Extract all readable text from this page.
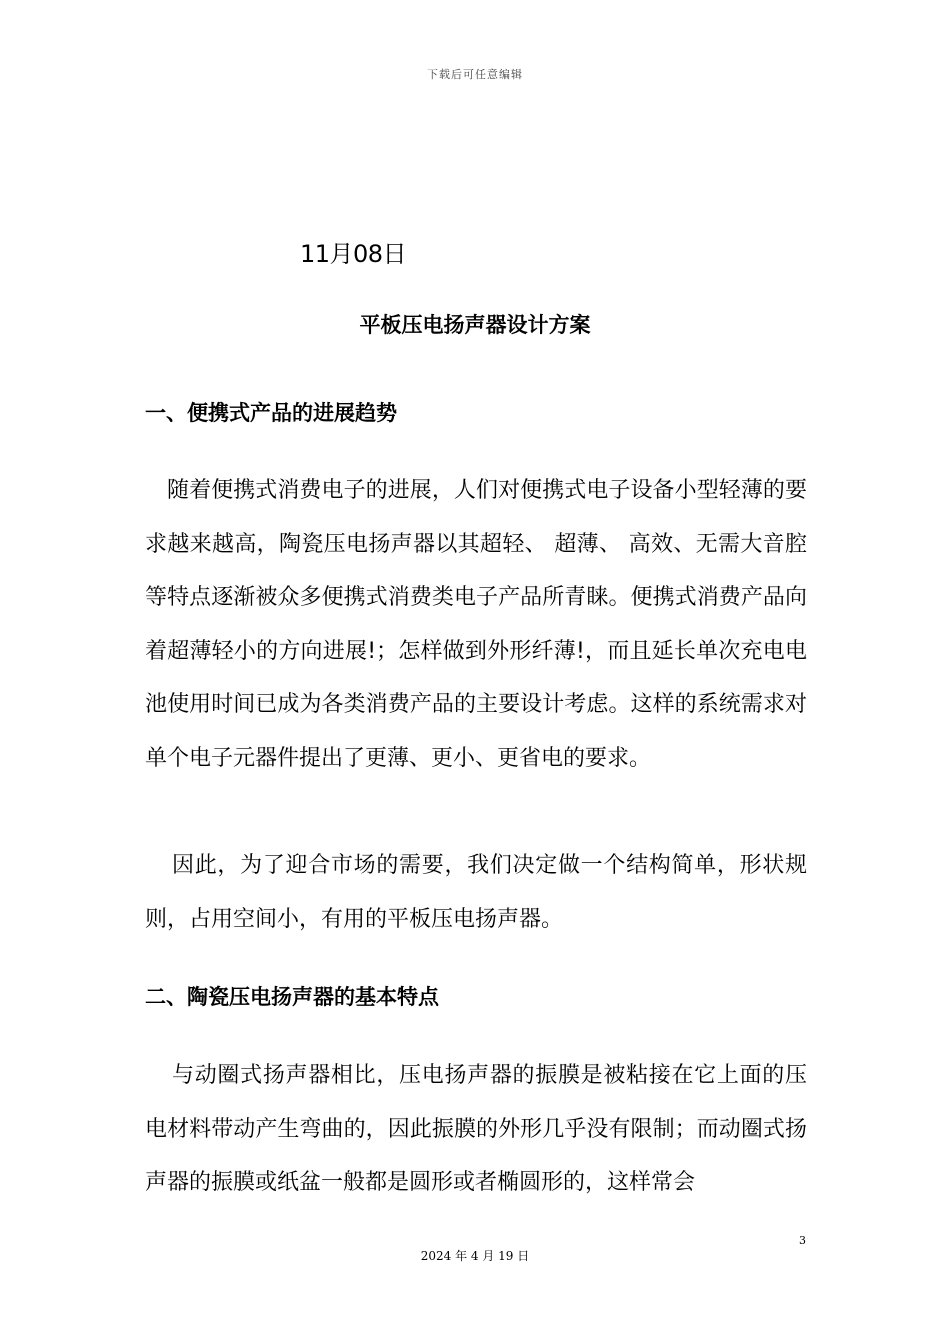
下载后可任意编辑
11月08日
平板压电扬声器设计方案
一、便携式产品的进展趋势

随着便携式消费电子的进展，人们对便携式电子设备小型轻薄的要求越来越高，陶瓷压电扬声器以其超轻、 超薄、 高效、无需大音腔等特点逐渐被众多便携式消费类电子产品所青睐。便携式消费产品向着超薄轻小的方向进展!；怎样做到外形纤薄!，而且延长单次充电电池使用时间已成为各类消费产品的主要设计考虑。这样的系统需求对单个电子元器件提出了更薄、更小、更省电的要求。

因此，为了迎合市场的需要，我们决定做一个结构简单，形状规则，占用空间小，有用的平板压电扬声器。

二、陶瓷压电扬声器的基本特点

与动圈式扬声器相比，压电扬声器的振膜是被粘接在它上面的压电材料带动产生弯曲的，因此振膜的外形几乎没有限制；而动圈式扬声器的振膜或纸盆一般都是圆形或者椭圆形的，这样常会

3
2024 年 4 月 19 日
